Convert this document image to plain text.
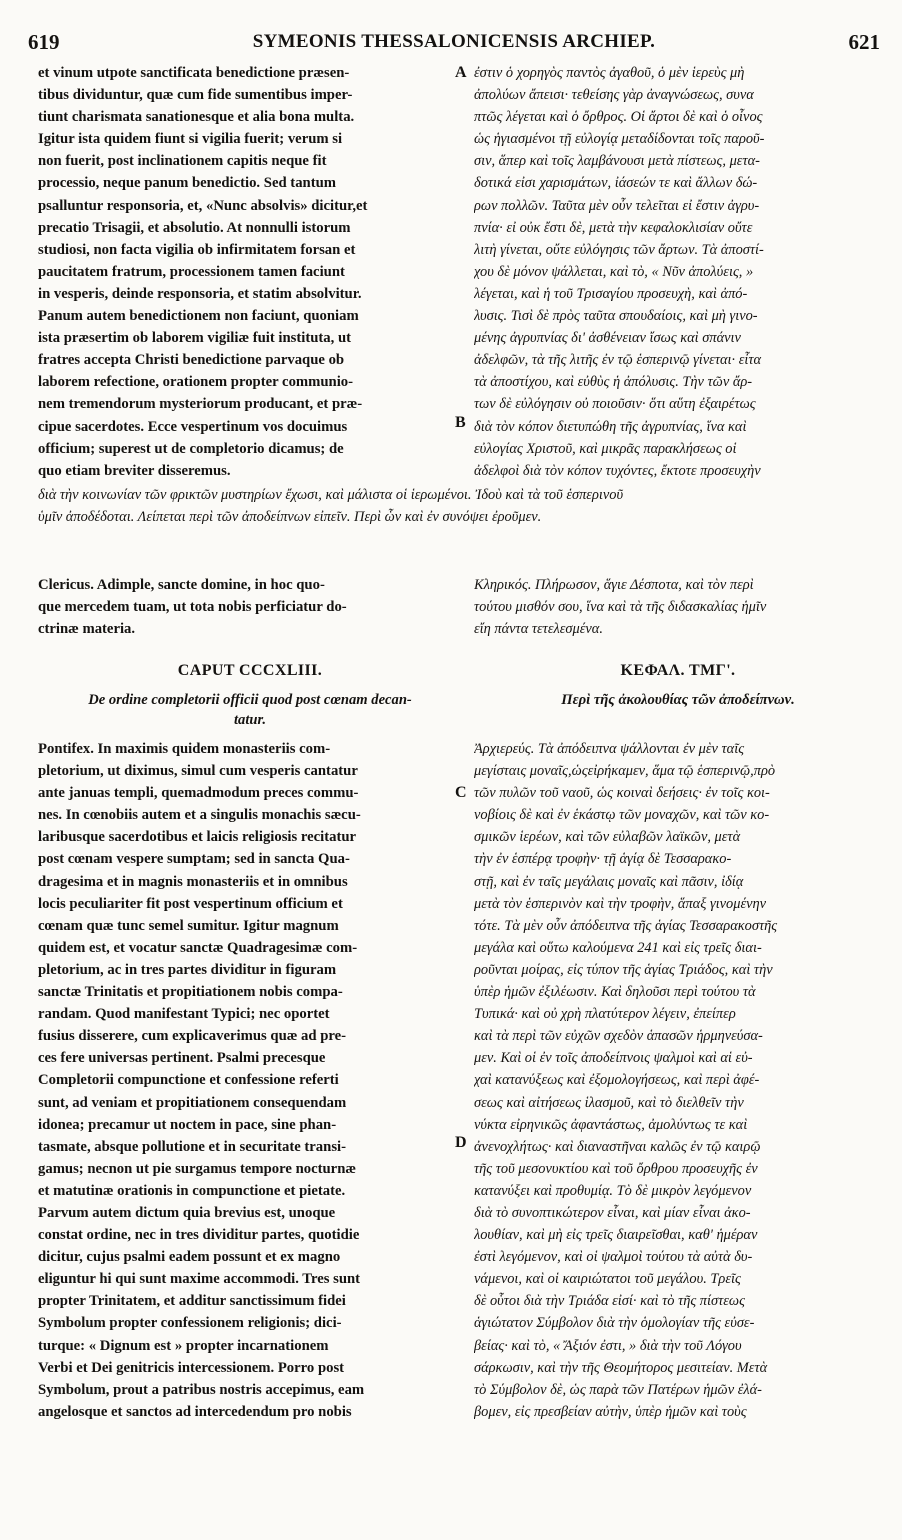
619	SYMEONIS THESSALONICENSIS ARCHIEP.	621
et vinum utpote sanctificata benedictione præsen-
tibus dividuntur, quæ cum fide sumentibus imper-
tiunt charismata sanationesque et alia bona multa.
Igitur ista quidem fiunt si vigilia fuerit; verum si
non fuerit, post inclinationem capitis neque fit
processio, neque panum benedictio. Sed tantum
psalluntur responsoria, et, «Nunc absolvis» dicitur,et
precatio Trisagii, et absolutio. At nonnulli istorum
studiosi, non facta vigilia ob infirmitatem forsan et
paucitatem fratrum, processionem tamen faciunt
in vesperis, deinde responsoria, et statim absolvitur.
Panum autem benedictionem non faciunt, quoniam
ista præsertim ob laborem vigiliæ fuit instituta, ut
fratres accepta Christi benedictione parvaque ob
laborem refectione, orationem propter communio-
nem tremendorum mysteriorum producant, et præ-
cipue sacerdotes. Ecce vespertinum vos docuimus
officium; superest ut de completorio dicamus; de
quo etiam breviter disseremus.
ἐστιν ὁ χορηγὸς παντὸς ἀγαθοῦ, ὁ μὲν ἱερεὺς μὴ
ἀπολύων ἄπεισι· τεθείσης γὰρ ἀναγνώσεως, συνα
πτῶς λέγεται καὶ ὁ ὄρθρος. Οἱ ἄρτοι δὲ καὶ ὁ οἶνος
ὡς ἡγιασμένοι τῇ εὐλογίᾳ μεταδίδονται τοῖς παροῦ-
σιν, ἅπερ καὶ τοῖς λαμβάνουσι μετὰ πίστεως, μετα-
δοτικά εἰσι χαρισμάτων, ἰάσεών τε καὶ ἄλλων δώ-
ρων πολλῶν. Ταῦτα μὲν οὖν τελεῖται εἰ ἔστιν ἀγρυ-
πνία· εἰ οὐκ ἔστι δὲ, μετὰ τὴν κεφαλοκλισίαν οὔτε
λιτὴ γίνεται, οὔτε εὐλόγησις τῶν ἄρτων. Τὰ ἀποστί-
χου δὲ μόνον ψάλλεται, καὶ τὸ, « Νῦν ἀπολύεις, »
λέγεται, καὶ ἡ τοῦ Τρισαγίου προσευχὴ, καὶ ἀπό-
λυσις. Τισὶ δὲ πρὸς ταῦτα σπουδαίοις, καὶ μὴ γινο-
μένης ἀγρυπνίας δι' ἀσθένειαν ἴσως καὶ σπάνιν
ἀδελφῶν, τὰ τῆς λιτῆς ἐν τῷ ἑσπερινῷ γίνεται· εἶτα
τὰ ἀποστίχου, καὶ εὐθὺς ἡ ἀπόλυσις. Τὴν τῶν ἄρ-
των δὲ εὐλόγησιν οὐ ποιοῦσιν· ὅτι αὕτη ἐξαιρέτως
διὰ τὸν κόπον διετυπώθη τῆς ἀγρυπνίας, ἵνα καὶ
εὐλογίας Χριστοῦ, καὶ μικρᾶς παρακλήσεως οἱ
ἀδελφοὶ διὰ τὸν κόπον τυχόντες, ἔκτοτε προσευχὴν
διὰ τὴν κοινωνίαν τῶν φρικτῶν μυστηρίων ἔχωσι, καὶ μάλιστα οἱ ἱερωμένοι. Ἰδοὺ καὶ τὰ τοῦ ἑσπερινοῦ
ὑμῖν ἀποδέδοται. Λείπεται περὶ τῶν ἀποδείπνων εἰπεῖν. Περὶ ὧν καὶ ἐν συνόψει ἐροῦμεν.
Clericus. Adimple, sancte domine, in hoc quo-
que mercedem tuam, ut tota nobis perficiatur do-
ctrinæ materia.
Κληρικός. Πλήρωσον, ἅγιε Δέσποτα, καὶ τὸν περὶ
τούτου μισθόν σου, ἵνα καὶ τὰ τῆς διδασκαλίας ἡμῖν
εἴη πάντα τετελεσμένα.
CAPUT CCCXLIII.
De ordine completorii officii quod post cœnam decan-
tatur.
ΚΕΦΑΛ. ΤΜΓ'.
Περὶ τῆς ἀκολουθίας τῶν ἀποδείπνων.
Pontifex. In maximis quidem monasteriis com-
pletorium, ut diximus, simul cum vesperis cantatur
ante januas templi, quemadmodum preces commu-
nes. In cœnobiis autem et a singulis monachis sæcu-
laribusque sacerdotibus et laicis religiosis recitatur
post cœnam vespere sumptam; sed in sancta Qua-
dragesima et in magnis monasteriis et in omnibus
locis peculiariter fit post vespertinum officium et
cœnam quæ tunc semel sumitur. Igitur magnum
quidem est, et vocatur sanctæ Quadragesimæ com-
pletorium, ac in tres partes dividitur in figuram
sanctæ Trinitatis et propitiationem nobis compa-
randam. Quod manifestant Typici; nec oportet
fusius disserere, cum explicaverimus quæ ad pre-
ces fere universas pertinent. Psalmi precesque
Completorii compunctione et confessione referti
sunt, ad veniam et propitiationem consequendam
idonea; precamur ut noctem in pace, sine phan-
tasmate, absque pollutione et in securitate transi-
gamus; necnon ut pie surgamus tempore nocturnæ
et matutinæ orationis in compunctione et pietate.
Parvum autem dictum quia brevius est, unoque
constat ordine, nec in tres dividitur partes, quotidie
dicitur, cujus psalmi eadem possunt et ex magno
eliguntur hi qui sunt maxime accommodi. Tres sunt
propter Trinitatem, et additur sanctissimum fidei
Symbolum propter confessionem religionis; dici-
turque: « Dignum est » propter incarnationem
Verbi et Dei genitricis intercessionem. Porro post
Symbolum, prout a patribus nostris accepimus, eam
angelosque et sanctos ad intercedendum pro nobis
Ἀρχιερεύς. Τὰ ἀπόδειπνα ψάλλονται ἐν μὲν ταῖς
μεγίσταις μοναῖς,ὡςεἰρήκαμεν, ἅμα τῷ ἑσπερινῷ,πρὸ
τῶν πυλῶν τοῦ ναοῦ, ὡς κοιναὶ δεήσεις· ἐν τοῖς κοι-
νοβίοις δὲ καὶ ἐν ἑκάστῳ τῶν μοναχῶν, καὶ τῶν κο-
σμικῶν ἱερέων, καὶ τῶν εὐλαβῶν λαϊκῶν, μετὰ
τὴν ἐν ἑσπέρᾳ τροφὴν· τῇ ἁγίᾳ δὲ Τεσσαρακο-
στῇ, καὶ ἐν ταῖς μεγάλαις μοναῖς καὶ πᾶσιν, ἰδίᾳ
μετὰ τὸν ἑσπερινὸν καὶ τὴν τροφὴν, ἅπαξ γινομένην
τότε. Τὰ μὲν οὖν ἀπόδειπνα τῆς ἁγίας Τεσσαρακοστῆς
μεγάλα καὶ οὕτω καλούμενα 241 καὶ εἰς τρεῖς διαι-
ροῦνται μοίρας, εἰς τύπον τῆς ἁγίας Τριάδος, καὶ τὴν
ὑπὲρ ἡμῶν ἐξιλέωσιν. Καὶ δηλοῦσι περὶ τούτου τὰ
Τυπικά· καὶ οὐ χρὴ πλατύτερον λέγειν, ἐπείπερ
καὶ τὰ περὶ τῶν εὐχῶν σχεδὸν ἁπασῶν ἡρμηνεύσα-
μεν. Καὶ οἱ ἐν τοῖς ἀποδείπνοις ψαλμοὶ καὶ αἱ εὐ-
χαὶ κατανύξεως καὶ ἐξομολογήσεως, καὶ περὶ ἀφέ-
σεως καὶ αἰτήσεως ἱλασμοῦ, καὶ τὸ διελθεῖν τὴν
νύκτα εἰρηνικῶς ἀφαντάστως, ἀμολύντως τε καὶ
ἀνενοχλήτως· καὶ διαναστῆναι καλῶς ἐν τῷ καιρῷ
τῆς τοῦ μεσονυκτίου καὶ τοῦ ὄρθρου προσευχῆς ἐν
κατανύξει καὶ προθυμίᾳ. Τὸ δὲ μικρὸν λεγόμενον
διὰ τὸ συνοπτικώτερον εἶναι, καὶ μίαν εἶναι ἀκο-
λουθίαν, καὶ μὴ εἰς τρεῖς διαιρεῖσθαι, καθ' ἡμέραν
ἐστὶ λεγόμενον, καὶ οἱ ψαλμοὶ τούτου τὰ αὐτὰ δυ-
νάμενοι, καὶ οἱ καιριώτατοι τοῦ μεγάλου. Τρεῖς
δὲ οὗτοι διὰ τὴν Τριάδα εἰσί· καὶ τὸ τῆς πίστεως
ἁγιώτατον Σύμβολον διὰ τὴν ὁμολογίαν τῆς εὐσε-
βείας· καὶ τὸ, « Ἄξιόν ἐστι, » διὰ τὴν τοῦ Λόγου
σάρκωσιν, καὶ τὴν τῆς Θεομήτορος μεσιτείαν. Μετὰ
τὸ Σύμβολον δὲ, ὡς παρὰ τῶν Πατέρων ἡμῶν ἐλά-
βομεν, εἰς πρεσβείαν αὐτὴν, ὑπὲρ ἡμῶν καὶ τοὺς
A
B
C
D
